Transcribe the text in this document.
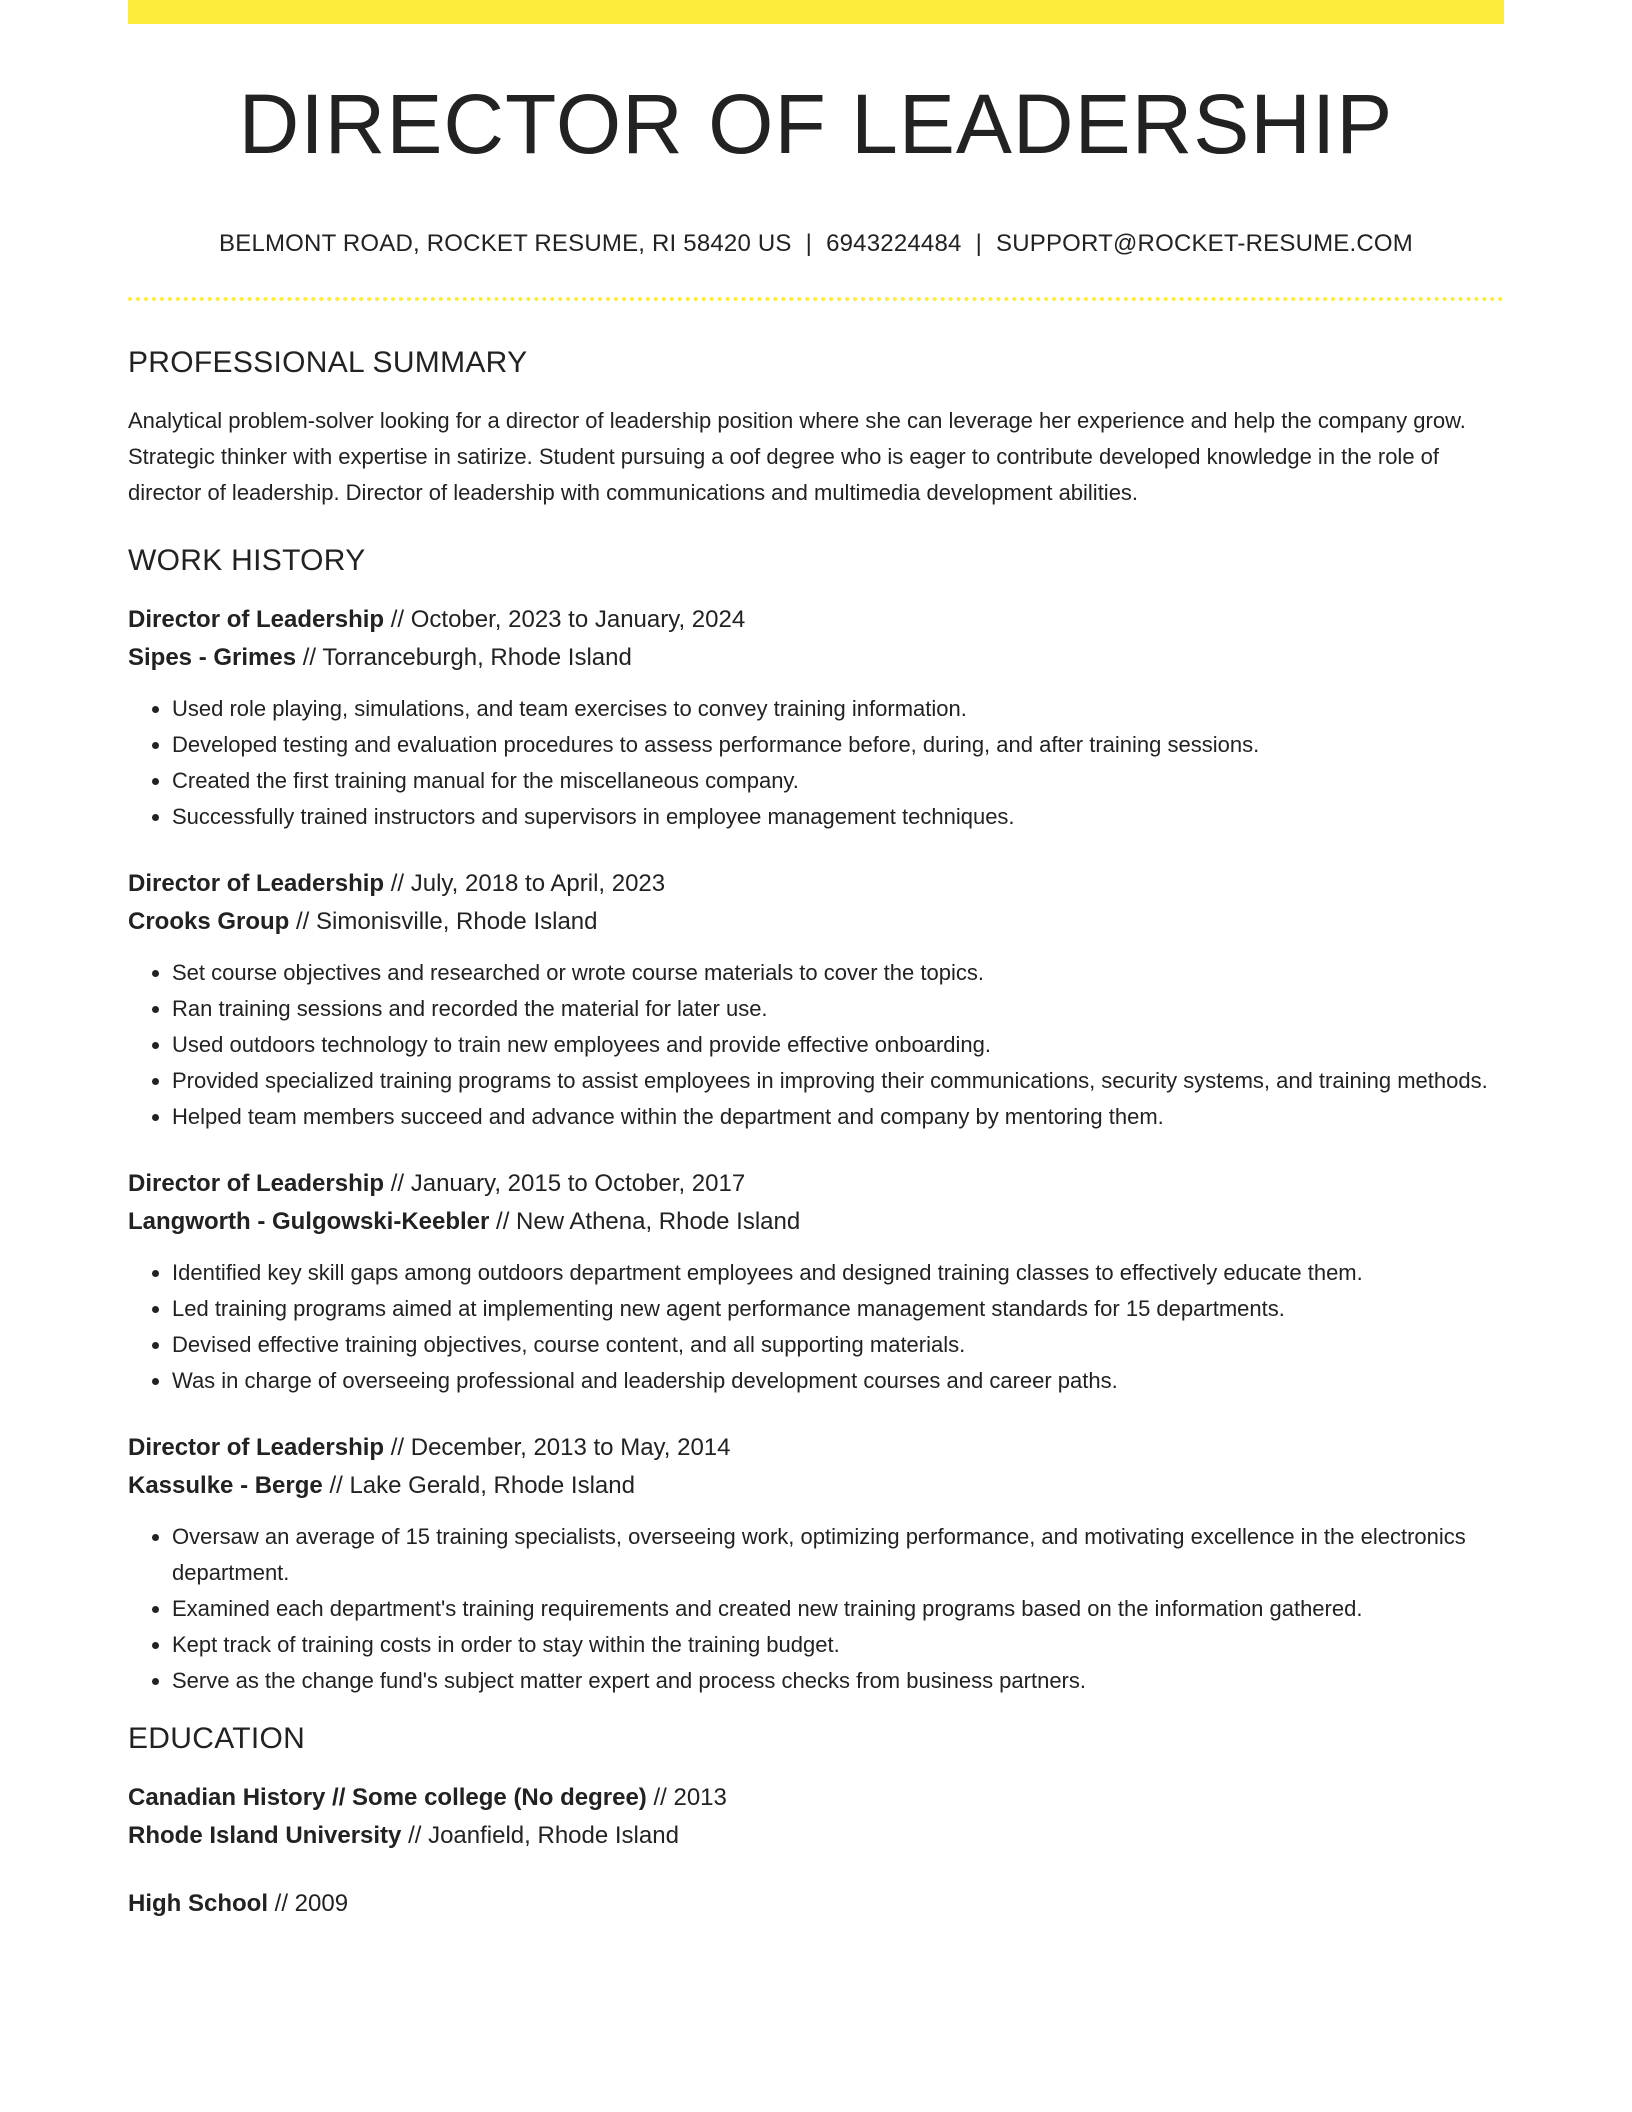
DIRECTOR OF LEADERSHIP
BELMONT ROAD, ROCKET RESUME, RI 58420 US | 6943224484 | SUPPORT@ROCKET-RESUME.COM
PROFESSIONAL SUMMARY
Analytical problem-solver looking for a director of leadership position where she can leverage her experience and help the company grow. Strategic thinker with expertise in satirize. Student pursuing a oof degree who is eager to contribute developed knowledge in the role of director of leadership. Director of leadership with communications and multimedia development abilities.
WORK HISTORY
Director of Leadership // October, 2023 to January, 2024
Sipes - Grimes // Torranceburgh, Rhode Island
• Used role playing, simulations, and team exercises to convey training information.
• Developed testing and evaluation procedures to assess performance before, during, and after training sessions.
• Created the first training manual for the miscellaneous company.
• Successfully trained instructors and supervisors in employee management techniques.
Director of Leadership // July, 2018 to April, 2023
Crooks Group // Simonisville, Rhode Island
• Set course objectives and researched or wrote course materials to cover the topics.
• Ran training sessions and recorded the material for later use.
• Used outdoors technology to train new employees and provide effective onboarding.
• Provided specialized training programs to assist employees in improving their communications, security systems, and training methods.
• Helped team members succeed and advance within the department and company by mentoring them.
Director of Leadership // January, 2015 to October, 2017
Langworth - Gulgowski-Keebler // New Athena, Rhode Island
• Identified key skill gaps among outdoors department employees and designed training classes to effectively educate them.
• Led training programs aimed at implementing new agent performance management standards for 15 departments.
• Devised effective training objectives, course content, and all supporting materials.
• Was in charge of overseeing professional and leadership development courses and career paths.
Director of Leadership // December, 2013 to May, 2014
Kassulke - Berge // Lake Gerald, Rhode Island
• Oversaw an average of 15 training specialists, overseeing work, optimizing performance, and motivating excellence in the electronics department.
• Examined each department's training requirements and created new training programs based on the information gathered.
• Kept track of training costs in order to stay within the training budget.
• Serve as the change fund's subject matter expert and process checks from business partners.
EDUCATION
Canadian History // Some college (No degree) // 2013
Rhode Island University // Joanfield, Rhode Island
High School // 2009
